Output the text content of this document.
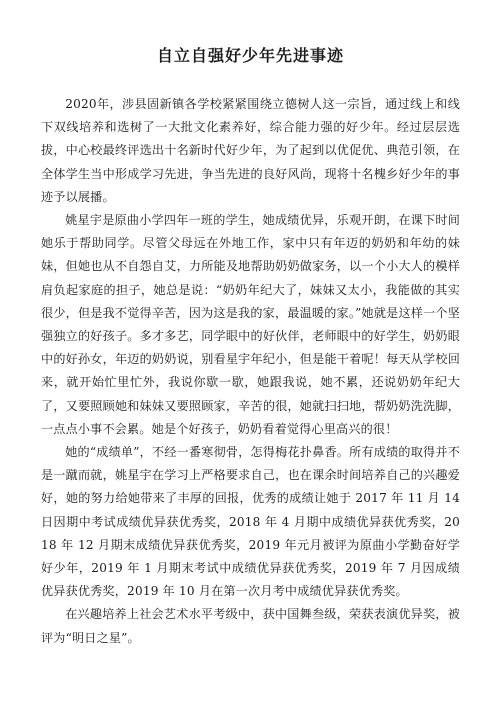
自立自强好少年先进事迹

2020年，涉县固新镇各学校紧紧围绕立德树人这一宗旨，通过线上和线下双线培养和选树了一大批文化素养好，综合能力强的好少年。经过层层选拔，中心校最终评选出十名新时代好少年，为了起到以优促优、典范引领，在全体学生当中形成学习先进，争当先进的良好风尚，现将十名槐乡好少年的事迹予以展播。

姚星宇是原曲小学四年一班的学生，她成绩优异，乐观开朗，在课下时间她乐于帮助同学。尽管父母远在外地工作，家中只有年迈的奶奶和年幼的妹妹，但她也从不自怨自艾，力所能及地帮助奶奶做家务，以一个小大人的模样肩负起家庭的担子，她总是说：“奶奶年纪大了，妹妹又太小，我能做的其实很少，但是我不觉得辛苦，因为这是我的家，最温暖的家。”她就是这样一个坚强独立的好孩子。多才多艺，同学眼中的好伙伴，老师眼中的好学生，奶奶眼中的好孙女，年迈的奶奶说，别看星宇年纪小，但是能干着呢！每天从学校回来，就开始忙里忙外，我说你歇一歇，她跟我说，她不累，还说奶奶年纪大了，又要照顾她和妹妹又要照顾家，辛苦的很，她就扫扫地，帮奶奶洗洗脚，一点点小事不会累。她是个好孩子，奶奶看着觉得心里高兴的很！

她的“成绩单”，不经一番寒彻骨，怎得梅花扑鼻香。所有成绩的取得并不是一蹴而就，姚星宇在学习上严格要求自己，也在课余时间培养自己的兴趣爱好，她的努力给她带来了丰厚的回报，优秀的成绩让她于 2017 年 11 月 14 日因期中考试成绩优异获优秀奖，2018 年 4 月期中成绩优异获优秀奖，2018 年 12 月期末成绩优异获优秀奖，2019 年元月被评为原曲小学勤奋好学好少年，2019 年 1 月期末考试中成绩优异获优秀奖，2019 年 7 月因成绩优异获优秀奖，2019 年 10 月在第一次月考中成绩优异获优秀奖。

在兴趣培养上社会艺术水平考级中，获中国舞叁级，荣获表演优异奖，被评为“明日之星”。
